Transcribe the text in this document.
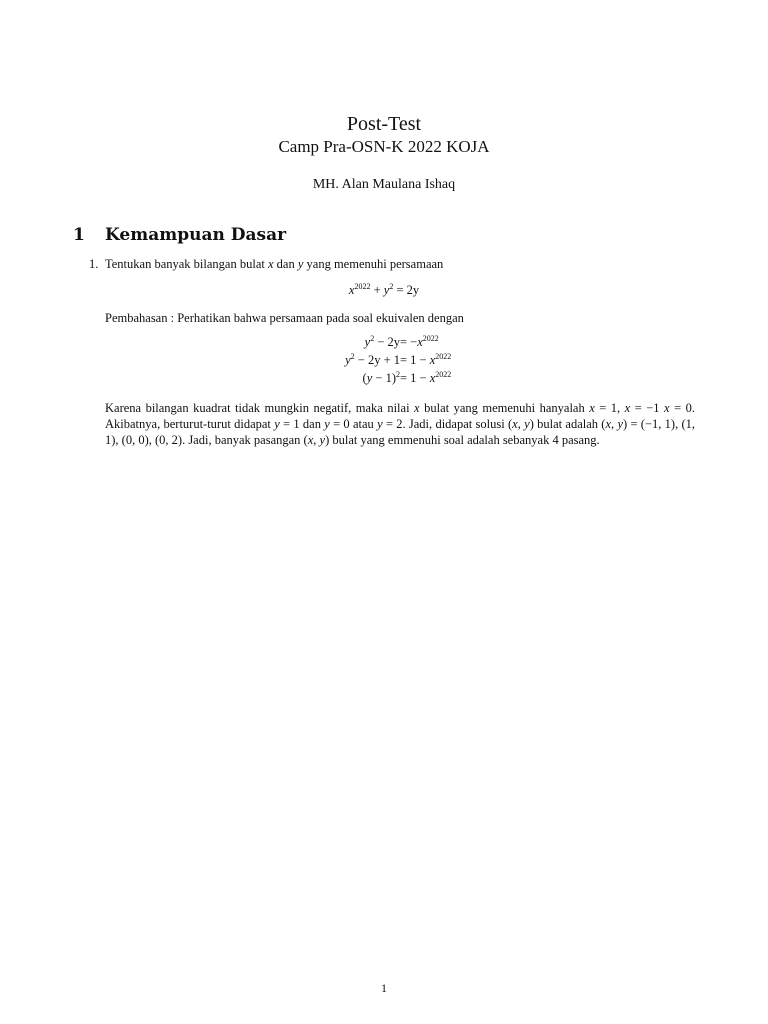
Post-Test
Camp Pra-OSN-K 2022 KOJA
MH. Alan Maulana Ishaq
1 Kemampuan Dasar
1. Tentukan banyak bilangan bulat x dan y yang memenuhi persamaan
$x^{2022} + y^2 = 2y$
Pembahasan : Perhatikan bahwa persamaan pada soal ekuivalen dengan
$y^2 - 2y = -x^{2022}$
$y^2 - 2y + 1 = 1 - x^{2022}$
$(y - 1)^2 = 1 - x^{2022}$
Karena bilangan kuadrat tidak mungkin negatif, maka nilai x bulat yang memenuhi hanyalah x = 1, x = −1 x = 0. Akibatnya, berturut-turut didapat y = 1 dan y = 0 atau y = 2. Jadi, didapat solusi (x, y) bulat adalah (x, y) = (−1, 1), (1, 1), (0, 0), (0, 2). Jadi, banyak pasangan (x, y) bulat yang emmenuhi soal adalah sebanyak 4 pasang.
1
